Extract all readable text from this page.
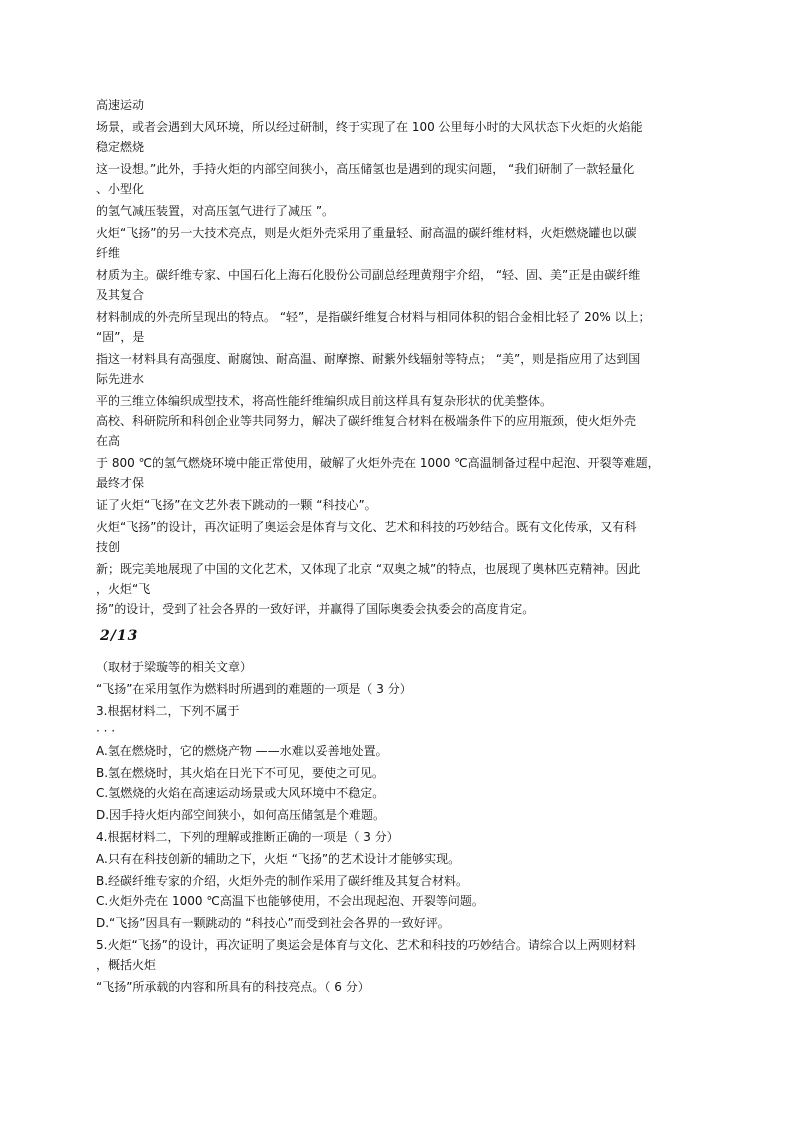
高速运动

场景，或者会遇到大风环境，所以经过研制，终于实现了在 100 公里每小时的大风状态下火炬的火焰能

稳定燃烧

这一设想。”此外，手持火炬的内部空间狭小，高压储氢也是遇到的现实问题， “我们研制了一款轻量化

、小型化

的氢气减压装置，对高压氢气进行了减压 ”。

火炬“飞扬”的另一大技术亮点，则是火炬外壳采用了重量轻、耐高温的碳纤维材料，火炬燃烧罐也以碳

纤维

材质为主。碳纤维专家、中国石化上海石化股份公司副总经理黄翔宇介绍， “轻、固、美”正是由碳纤维

及其复合

材料制成的外壳所呈现出的特点。 “轻”，是指碳纤维复合材料与相同体积的铝合金相比轻了 20% 以上；

“固”，是

指这一材料具有高强度、耐腐蚀、耐高温、耐摩擦、耐紫外线辐射等特点； “美”，则是指应用了达到国

际先进水

平的三维立体编织成型技术，将高性能纤维编织成目前这样具有复杂形状的优美整体。

高校、科研院所和科创企业等共同努力，解决了碳纤维复合材料在极端条件下的应用瓶颈，使火炬外壳

在高

于 800 ℃的氢气燃烧环境中能正常使用，破解了火炬外壳在 1000 ℃高温制备过程中起泡、开裂等难题，

最终才保

证了火炬“飞扬”在文艺外表下跳动的一颗 “科技心”。

火炬“飞扬”的设计，再次证明了奥运会是体育与文化、艺术和科技的巧妙结合。既有文化传承，又有科

技创

新；既完美地展现了中国的文化艺术，又体现了北京 “双奥之城”的特点，也展现了奥林匹克精神。因此

，火炬“飞

扬”的设计，受到了社会各界的一致好评，并赢得了国际奥委会执委会的高度肯定。

2/13

（取材于梁璇等的相关文章）

“飞扬”在采用氢作为燃料时所遇到的难题的一项是（ 3 分）

3.根据材料二，下列不属于

· · ·

A.氢在燃烧时，它的燃烧产物 ——水难以妥善地处置。

B.氢在燃烧时，其火焰在日光下不可见，要使之可见。

C.氢燃烧的火焰在高速运动场景或大风环境中不稳定。

D.因手持火炬内部空间狭小，如何高压储氢是个难题。

4.根据材料二，下列的理解或推断正确的一项是（ 3 分）

A.只有在科技创新的辅助之下，火炬 “飞扬”的艺术设计才能够实现。

B.经碳纤维专家的介绍，火炬外壳的制作采用了碳纤维及其复合材料。

C.火炬外壳在 1000 ℃高温下也能够使用，不会出现起泡、开裂等问题。

D.“飞扬”因具有一颗跳动的 “科技心”而受到社会各界的一致好评。

5.火炬“飞扬”的设计，再次证明了奥运会是体育与文化、艺术和科技的巧妙结合。请综合以上两则材料

，概括火炬

“飞扬”所承载的内容和所具有的科技亮点。（ 6 分）
